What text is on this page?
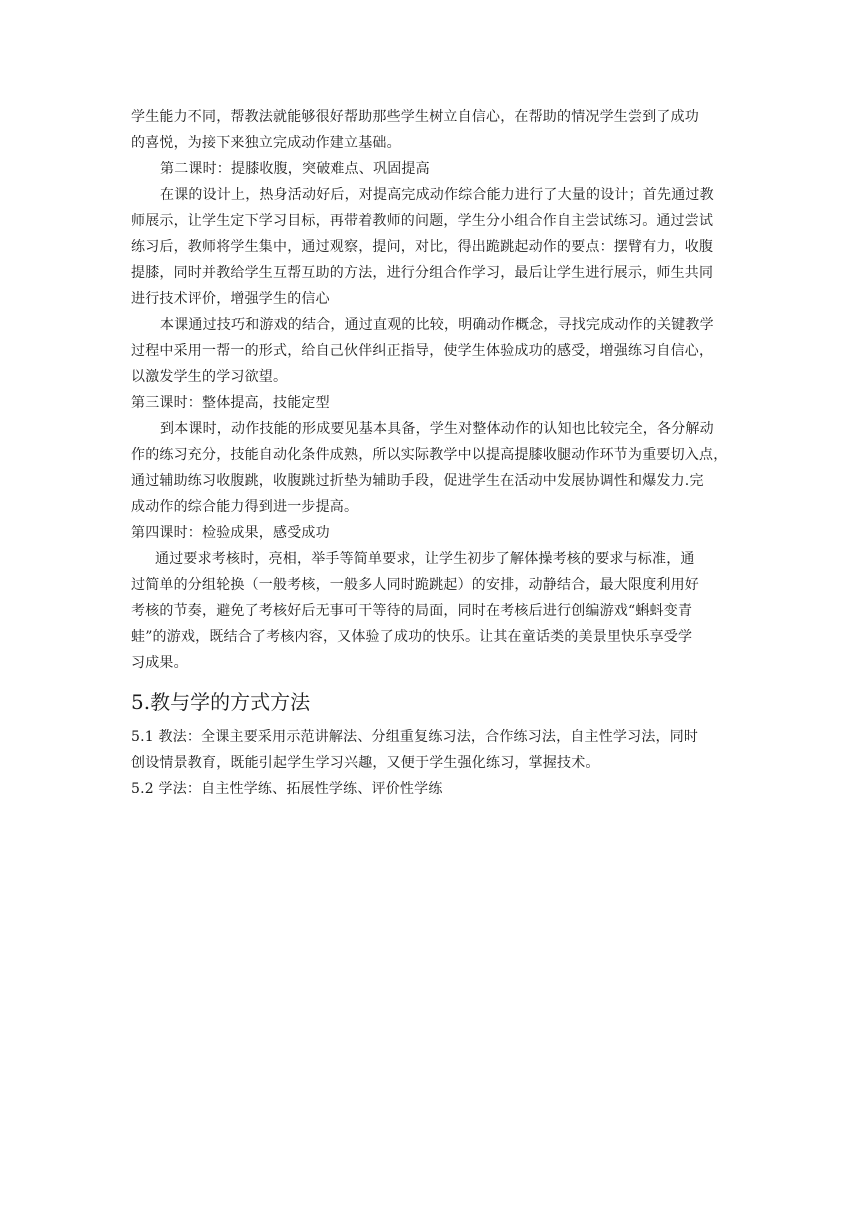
学生能力不同，帮教法就能够很好帮助那些学生树立自信心，在帮助的情况学生尝到了成功
的喜悦，为接下来独立完成动作建立基础。
第二课时：提膝收腹，突破难点、巩固提高
在课的设计上，热身活动好后，对提高完成动作综合能力进行了大量的设计；首先通过教
师展示，让学生定下学习目标，再带着教师的问题，学生分小组合作自主尝试练习。通过尝试
练习后，教师将学生集中，通过观察，提问，对比，得出跪跳起动作的要点：摆臂有力，收腹
提膝，同时并教给学生互帮互助的方法，进行分组合作学习，最后让学生进行展示，师生共同
进行技术评价，增强学生的信心
本课通过技巧和游戏的结合，通过直观的比较，明确动作概念，寻找完成动作的关键教学
过程中采用一帮一的形式，给自己伙伴纠正指导，使学生体验成功的感受，增强练习自信心，
以激发学生的学习欲望。
第三课时：整体提高，技能定型
到本课时，动作技能的形成要见基本具备，学生对整体动作的认知也比较完全，各分解动
作的练习充分，技能自动化条件成熟，所以实际教学中以提高提膝收腿动作环节为重要切入点，
通过辅助练习收腹跳，收腹跳过折垫为辅助手段，促进学生在活动中发展协调性和爆发力.完
成动作的综合能力得到进一步提高。
第四课时：检验成果，感受成功
通过要求考核时，亮相，举手等简单要求，让学生初步了解体操考核的要求与标准，通
过简单的分组轮换（一般考核，一般多人同时跪跳起）的安排，动静结合，最大限度利用好
考核的节奏，避免了考核好后无事可干等待的局面，同时在考核后进行创编游戏“蝌蚪变青
蛙”的游戏，既结合了考核内容，又体验了成功的快乐。让其在童话类的美景里快乐享受学
习成果。
5.教与学的方式方法
5.1 教法：全课主要采用示范讲解法、分组重复练习法，合作练习法，自主性学习法，同时
创设情景教育，既能引起学生学习兴趣，又便于学生强化练习，掌握技术。
5.2 学法：自主性学练、拓展性学练、评价性学练
